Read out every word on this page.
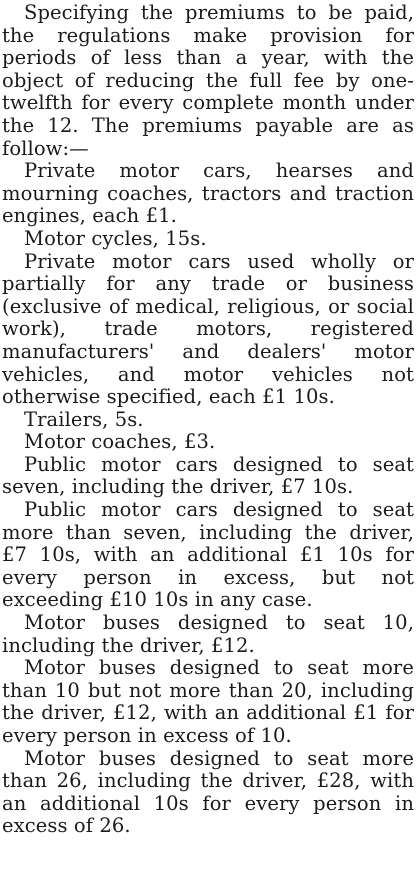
Specifying the premiums to be paid, the regulations make provision for periods of less than a year, with the object of reducing the full fee by one-twelfth for every complete month under the 12. The premiums payable are as follow:—

Private motor cars, hearses and mourning coaches, tractors and traction engines, each £1.

Motor cycles, 15s.

Private motor cars used wholly or partially for any trade or business (exclusive of medical, religious, or social work), trade motors, registered manufacturers' and dealers' motor vehicles, and motor vehicles not otherwise specified, each £1 10s.

Trailers, 5s.

Motor coaches, £3.

Public motor cars designed to seat seven, including the driver, £7 10s.

Public motor cars designed to seat more than seven, including the driver, £7 10s, with an additional £1 10s for every person in excess, but not exceeding £10 10s in any case.

Motor buses designed to seat 10, including the driver, £12.

Motor buses designed to seat more than 10 but not more than 20, including the driver, £12, with an additional £1 for every person in excess of 10.

Motor buses designed to seat more than 26, including the driver, £28, with an additional 10s for every person in excess of 26.
